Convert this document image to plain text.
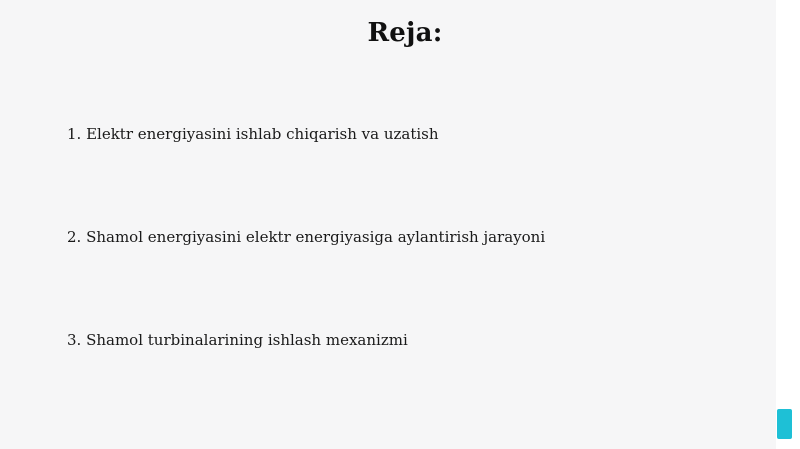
Reja:
1. Elektr energiyasini ishlab chiqarish va uzatish
2. Shamol energiyasini elektr energiyasiga aylantirish jarayoni
3. Shamol turbinalarining ishlash mexanizmi
